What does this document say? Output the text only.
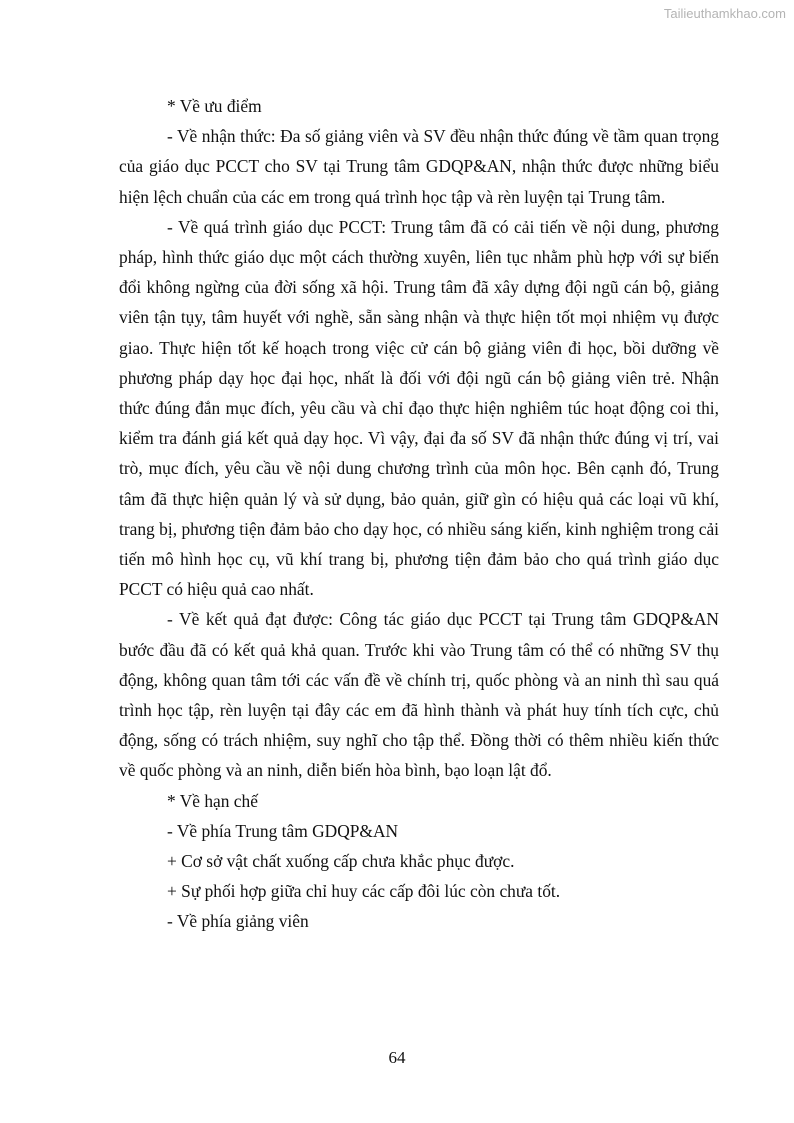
Tailieuthamkhao.com

* Về ưu điểm

- Về nhận thức: Đa số giảng viên và SV đều nhận thức đúng về tầm quan trọng của giáo dục PCCT cho SV tại Trung tâm GDQP&AN, nhận thức được những biểu hiện lệch chuẩn của các em trong quá trình học tập và rèn luyện tại Trung tâm.

- Về quá trình giáo dục PCCT: Trung tâm đã có cải tiến về nội dung, phương pháp, hình thức giáo dục một cách thường xuyên, liên tục nhằm phù hợp với sự biến đổi không ngừng của đời sống xã hội. Trung tâm đã xây dựng đội ngũ cán bộ, giảng viên tận tụy, tâm huyết với nghề, sẵn sàng nhận và thực hiện tốt mọi nhiệm vụ được giao. Thực hiện tốt kế hoạch trong việc cử cán bộ giảng viên đi học, bồi dưỡng về phương pháp dạy học đại học, nhất là đối với đội ngũ cán bộ giảng viên trẻ. Nhận thức đúng đắn mục đích, yêu cầu và chỉ đạo thực hiện nghiêm túc hoạt động coi thi, kiểm tra đánh giá kết quả dạy học. Vì vậy, đại đa số SV đã nhận thức đúng vị trí, vai trò, mục đích, yêu cầu về nội dung chương trình của môn học. Bên cạnh đó, Trung tâm đã thực hiện quản lý và sử dụng, bảo quản, giữ gìn có hiệu quả các loại vũ khí, trang bị, phương tiện đảm bảo cho dạy học, có nhiều sáng kiến, kinh nghiệm trong cải tiến mô hình học cụ, vũ khí trang bị, phương tiện đảm bảo cho quá trình giáo dục PCCT có hiệu quả cao nhất.

- Về kết quả đạt được: Công tác giáo dục PCCT tại Trung tâm GDQP&AN bước đầu đã có kết quả khả quan. Trước khi vào Trung tâm có thể có những SV thụ động, không quan tâm tới các vấn đề về chính trị, quốc phòng và an ninh thì sau quá trình học tập, rèn luyện tại đây các em đã hình thành và phát huy tính tích cực, chủ động, sống có trách nhiệm, suy nghĩ cho tập thể. Đồng thời có thêm nhiều kiến thức về quốc phòng và an ninh, diễn biến hòa bình, bạo loạn lật đổ.

* Về hạn chế

- Về phía Trung tâm GDQP&AN

+ Cơ sở vật chất xuống cấp chưa khắc phục được.

+ Sự phối hợp giữa chỉ huy các cấp đôi lúc còn chưa tốt.

- Về phía giảng viên

64
